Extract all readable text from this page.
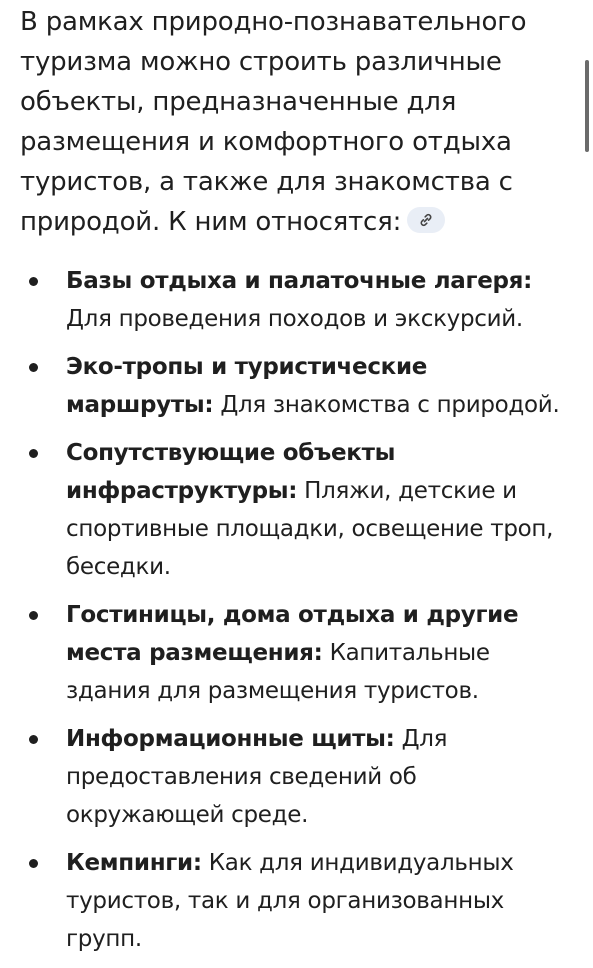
В рамках природно-познавательного туризма можно строить различные объекты, предназначенные для размещения и комфортного отдыха туристов, а также для знакомства с природой. К ним относятся:

Базы отдыха и палаточные лагеря: Для проведения походов и экскурсий.
Эко-тропы и туристические маршруты: Для знакомства с природой.
Сопутствующие объекты инфраструктуры: Пляжи, детские и спортивные площадки, освещение троп, беседки.
Гостиницы, дома отдыха и другие места размещения: Капитальные здания для размещения туристов.
Информационные щиты: Для предоставления сведений об окружающей среде.
Кемпинги: Как для индивидуальных туристов, так и для организованных групп.
